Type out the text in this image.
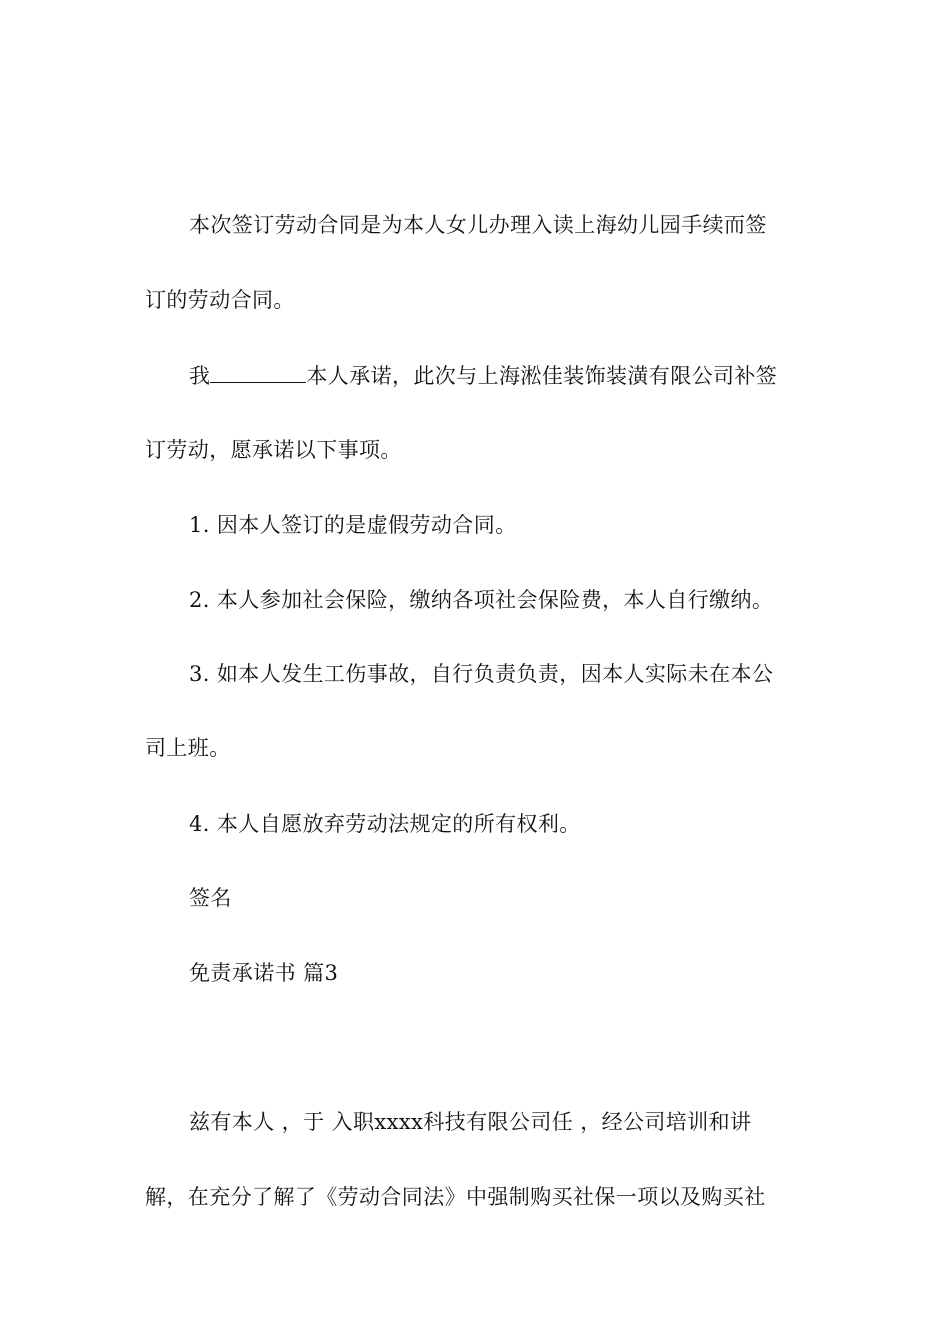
本次签订劳动合同是为本人女儿办理入读上海幼儿园手续而签
订的劳动合同。
我	本人承诺，此次与上海淞佳装饰装潢有限公司补签
订劳动，愿承诺以下事项。
1. 因本人签订的是虚假劳动合同。
2. 本人参加社会保险，缴纳各项社会保险费，本人自行缴纳。
3. 如本人发生工伤事故，自行负责负责，因本人实际未在本公
司上班。
4. 本人自愿放弃劳动法规定的所有权利。
签名
免责承诺书 篇3
兹有本人 ，于 入职xxxx科技有限公司任 ，经公司培训和讲
解，在充分了解了《劳动合同法》中强制购买社保一项以及购买社
